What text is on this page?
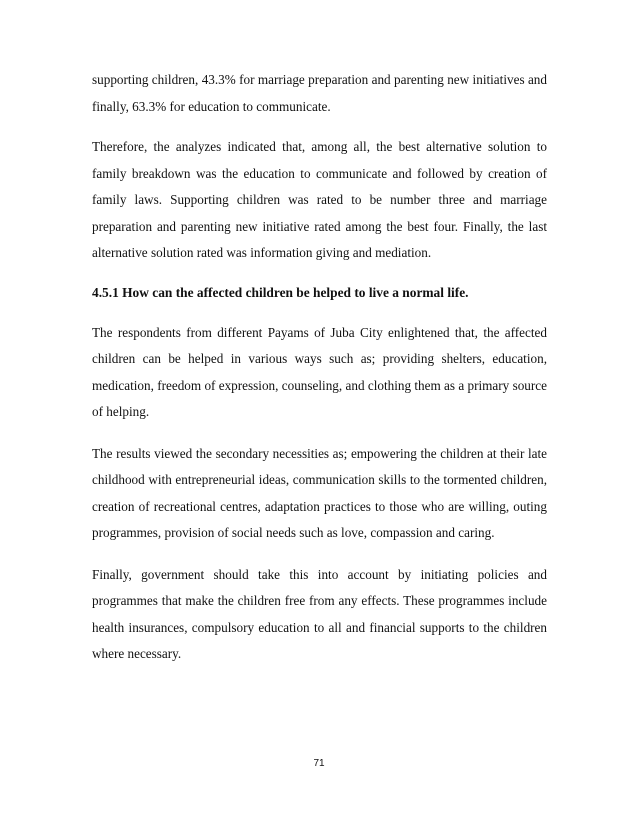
supporting children, 43.3% for marriage preparation and parenting new initiatives and finally, 63.3% for education to communicate.

Therefore, the analyzes indicated that, among all, the best alternative solution to family breakdown was the education to communicate and followed by creation of family laws. Supporting children was rated to be number three and marriage preparation and parenting new initiative rated among the best four. Finally, the last alternative solution rated was information giving and mediation.

4.5.1 How can the affected children be helped to live a normal life.

The respondents from different Payams of Juba City enlightened that, the affected children can be helped in various ways such as; providing shelters, education, medication, freedom of expression, counseling, and clothing them as a primary source of helping.

The results viewed the secondary necessities as; empowering the children at their late childhood with entrepreneurial ideas, communication skills to the tormented children, creation of recreational centres, adaptation practices to those who are willing, outing programmes, provision of social needs such as love, compassion and caring.

Finally, government should take this into account by initiating policies and programmes that make the children free from any effects. These programmes include health insurances, compulsory education to all and financial supports to the children where necessary.

71
